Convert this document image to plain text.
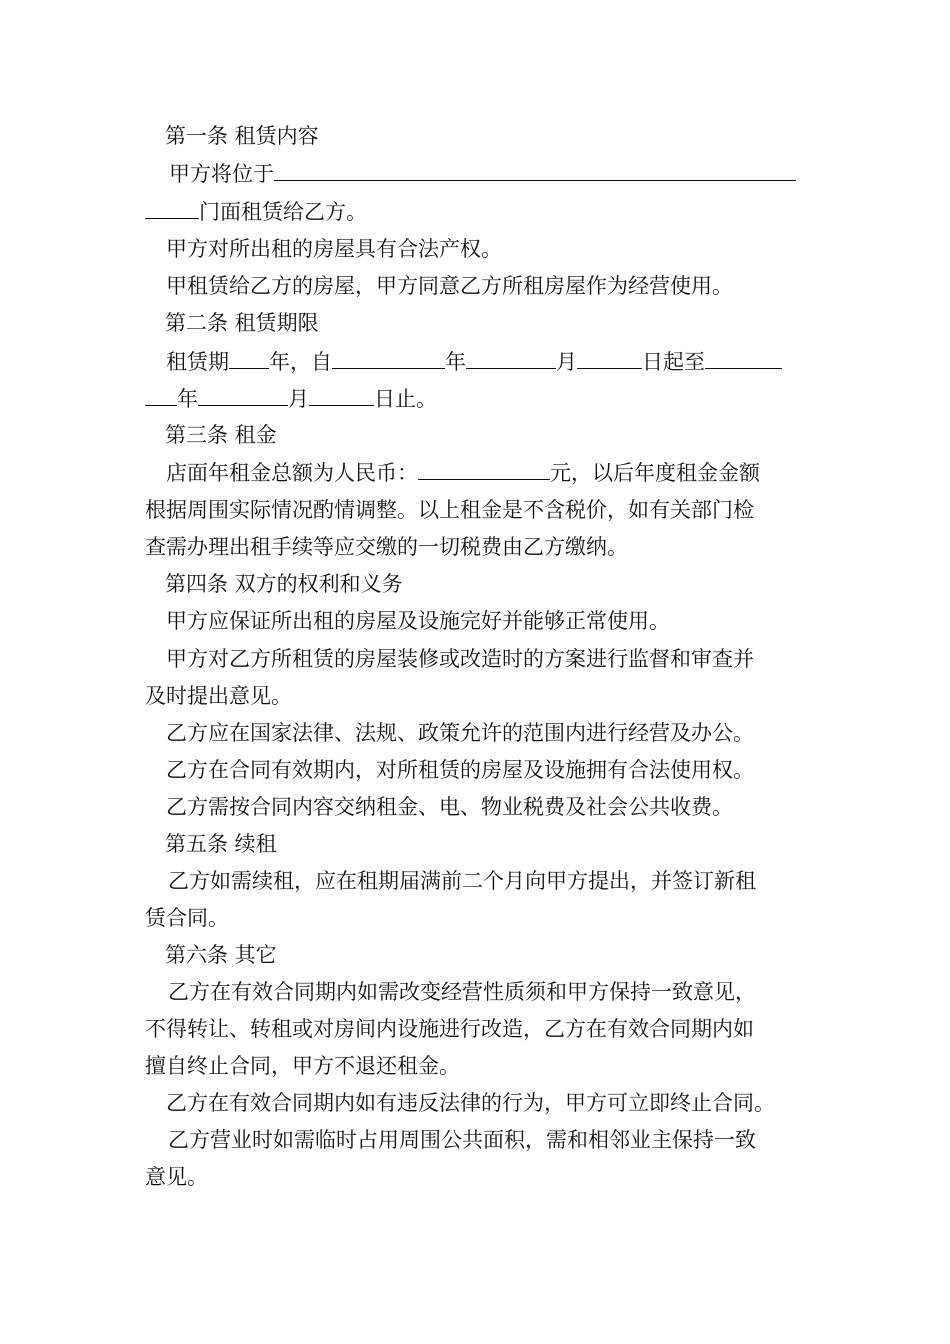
第一条 租赁内容
甲方将位于
门面租赁给乙方。
甲方对所出租的房屋具有合法产权。
甲租赁给乙方的房屋，甲方同意乙方所租房屋作为经营使用。
第二条 租赁期限
租赁期 年，自	年	月	日起至
年	月	日止。
第三条 租金
店面年租金总额为人民币：	元，以后年度租金金额
根据周围实际情况酌情调整。以上租金是不含税价，如有关部门检
查需办理出租手续等应交缴的一切税费由乙方缴纳。
第四条 双方的权利和义务
甲方应保证所出租的房屋及设施完好并能够正常使用。
甲方对乙方所租赁的房屋装修或改造时的方案进行监督和审查并
及时提出意见。
乙方应在国家法律、法规、政策允许的范围内进行经营及办公。
乙方在合同有效期内，对所租赁的房屋及设施拥有合法使用权。
乙方需按合同内容交纳租金、电、物业税费及社会公共收费。
第五条 续租
乙方如需续租，应在租期届满前二个月向甲方提出，并签订新租
赁合同。
第六条 其它
乙方在有效合同期内如需改变经营性质须和甲方保持一致意见，
不得转让、转租或对房间内设施进行改造，乙方在有效合同期内如
擅自终止合同，甲方不退还租金。
乙方在有效合同期内如有违反法律的行为，甲方可立即终止合同。
乙方营业时如需临时占用周围公共面积，需和相邻业主保持一致
意见。
